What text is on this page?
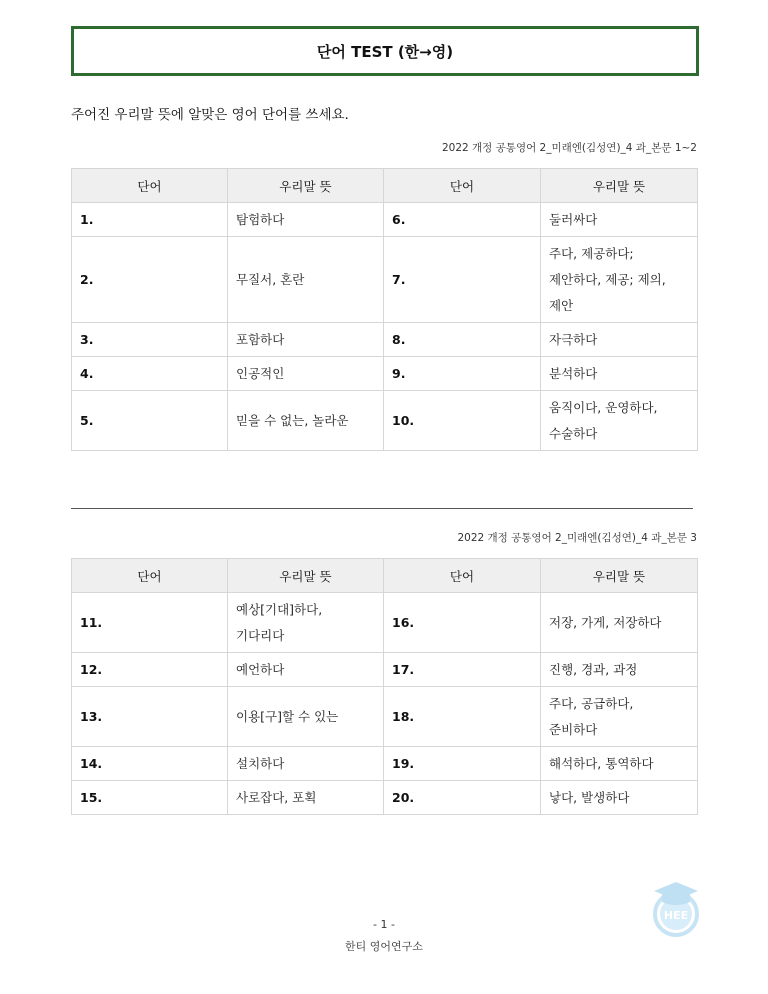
단어 TEST (한→영)
주어진 우리말 뜻에 알맞은 영어 단어를 쓰세요.
2022 개정 공통영어 2_미래엔(김성연)_4 과_본문 1~2
단어	우리말 뜻	단어	우리말 뜻
1.	탐험하다	6.	둘러싸다

2.	무질서, 혼란	7.	주다, 제공하다;
제안하다, 제공; 제의,
제안

3.	포함하다	8.	자극하다

4.	인공적인	9.	분석하다

5.	믿을 수 없는, 놀라운	10.	움직이다, 운영하다,
수술하다
2022 개정 공통영어 2_미래엔(김성연)_4 과_본문 3
단어	우리말 뜻	단어	우리말 뜻
11.	예상[기대]하다,
기다리다	16.	저장, 가게, 저장하다

12.	예언하다	17.	진행, 경과, 과정

13.	이용[구]할 수 있는	18.	주다, 공급하다,
준비하다

14.	설치하다	19.	해석하다, 통역하다

15.	사로잡다, 포획	20.	낳다, 발생하다
HEE
- 1 -
한티 영어연구소
